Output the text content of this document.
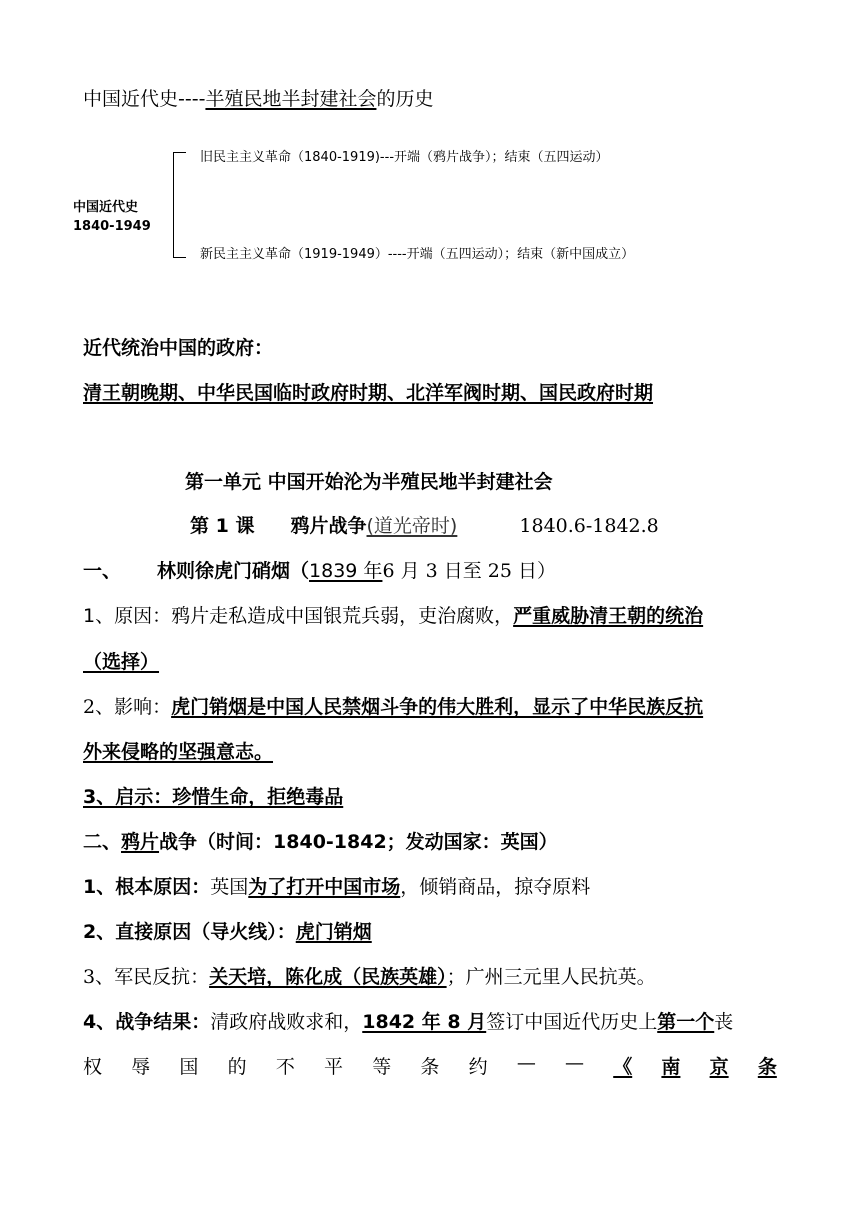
中国近代史----半殖民地半封建社会的历史
中国近代史
1840-1949
旧民主主义革命（1840-1919)---开端（鸦片战争）；结束（五四运动）
新民主主义革命（1919-1949）----开端（五四运动）；结束（新中国成立）
近代统治中国的政府：
清王朝晚期、中华民国临时政府时期、北洋军阀时期、国民政府时期
第一单元 中国开始沦为半殖民地半封建社会
第 1 课 鸦片战争(道光帝时)	1840.6-1842.8
一、 林则徐虎门硝烟（1839 年6 月 3 日至 25 日）
1、原因：鸦片走私造成中国银荒兵弱，吏治腐败，严重威胁清王朝的统治
（选择）
2、影响：虎门销烟是中国人民禁烟斗争的伟大胜利，显示了中华民族反抗
外来侵略的坚强意志。
3、启示：珍惜生命，拒绝毒品
二、鸦片战争（时间：1840-1842；发动国家：英国）
1、根本原因：英国为了打开中国市场，倾销商品，掠夺原料
2、直接原因（导火线）：虎门销烟
3、军民反抗：关天培，陈化成（民族英雄）；广州三元里人民抗英。
4、战争结果：清政府战败求和，1842 年 8 月签订中国近代历史上第一个丧
权 辱 国 的 不 平 等 条 约 — — 《 南 京 条
